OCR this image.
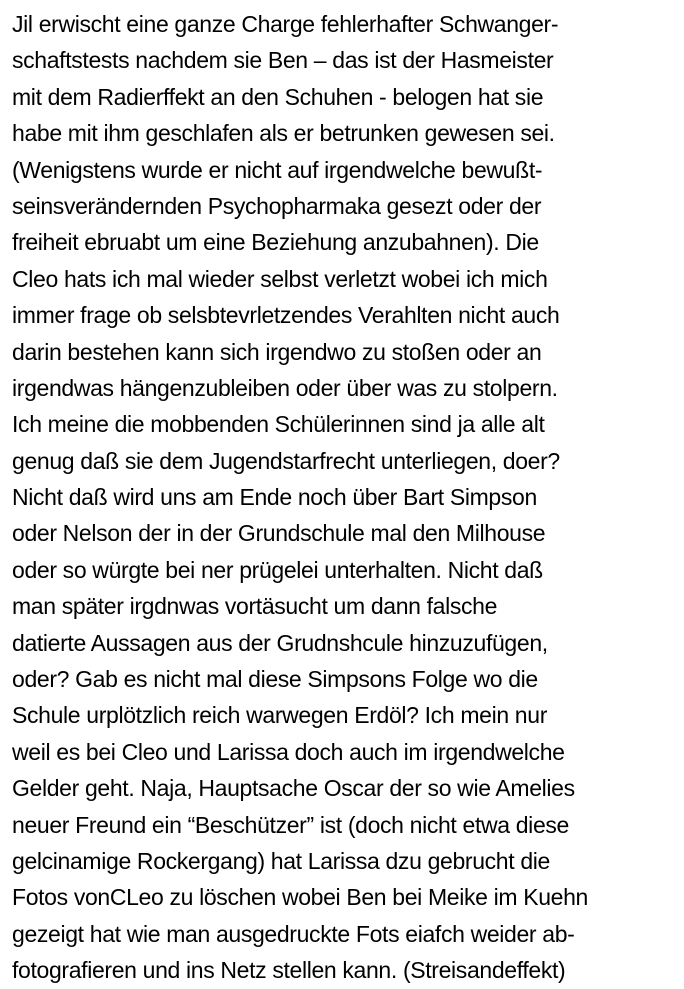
Jil erwischt eine ganze Charge fehlerhafter Schwanger-
schaftstests nachdem sie Ben – das ist der Hasmeister
mit dem Radierffekt an den Schuhen - belogen hat sie
habe mit ihm geschlafen als er betrunken gewesen sei.
(Wenigstens wurde er nicht auf irgendwelche bewußt-
seinsverändernden Psychopharmaka gesezt oder der
freiheit ebruabt um eine Beziehung anzubahnen). Die
Cleo hats ich mal wieder selbst verletzt wobei ich mich
immer frage ob selsbtevrletzendes Verahlten nicht auch
darin bestehen kann sich irgendwo zu stoßen oder an
irgendwas hängenzubleiben oder über was zu stolpern.
Ich meine die mobbenden Schülerinnen sind ja alle alt
genug daß sie dem Jugendstarfrecht unterliegen, doer?
Nicht daß wird uns am Ende noch über Bart Simpson
oder Nelson der in der Grundschule mal den Milhouse
oder so würgte bei ner prügelei unterhalten. Nicht daß
man später irgdnwas vortäsucht um dann falsche
datierte Aussagen aus der Grudnshcule hinzuzufügen,
oder? Gab es nicht mal diese Simpsons Folge wo die
Schule urplötzlich reich warwegen Erdöl? Ich mein nur
weil es bei Cleo und Larissa doch auch im irgendwelche
Gelder geht. Naja, Hauptsache Oscar der so wie Amelies
neuer Freund ein “Beschützer” ist (doch nicht etwa diese
gelcinamige Rockergang) hat Larissa dzu gebrucht die
Fotos vonCLeo zu löschen wobei Ben bei Meike im Kuehn
gezeigt hat wie man ausgedruckte Fots eiafch weider ab-
fotografieren und ins Netz stellen kann. (Streisandeffekt)
